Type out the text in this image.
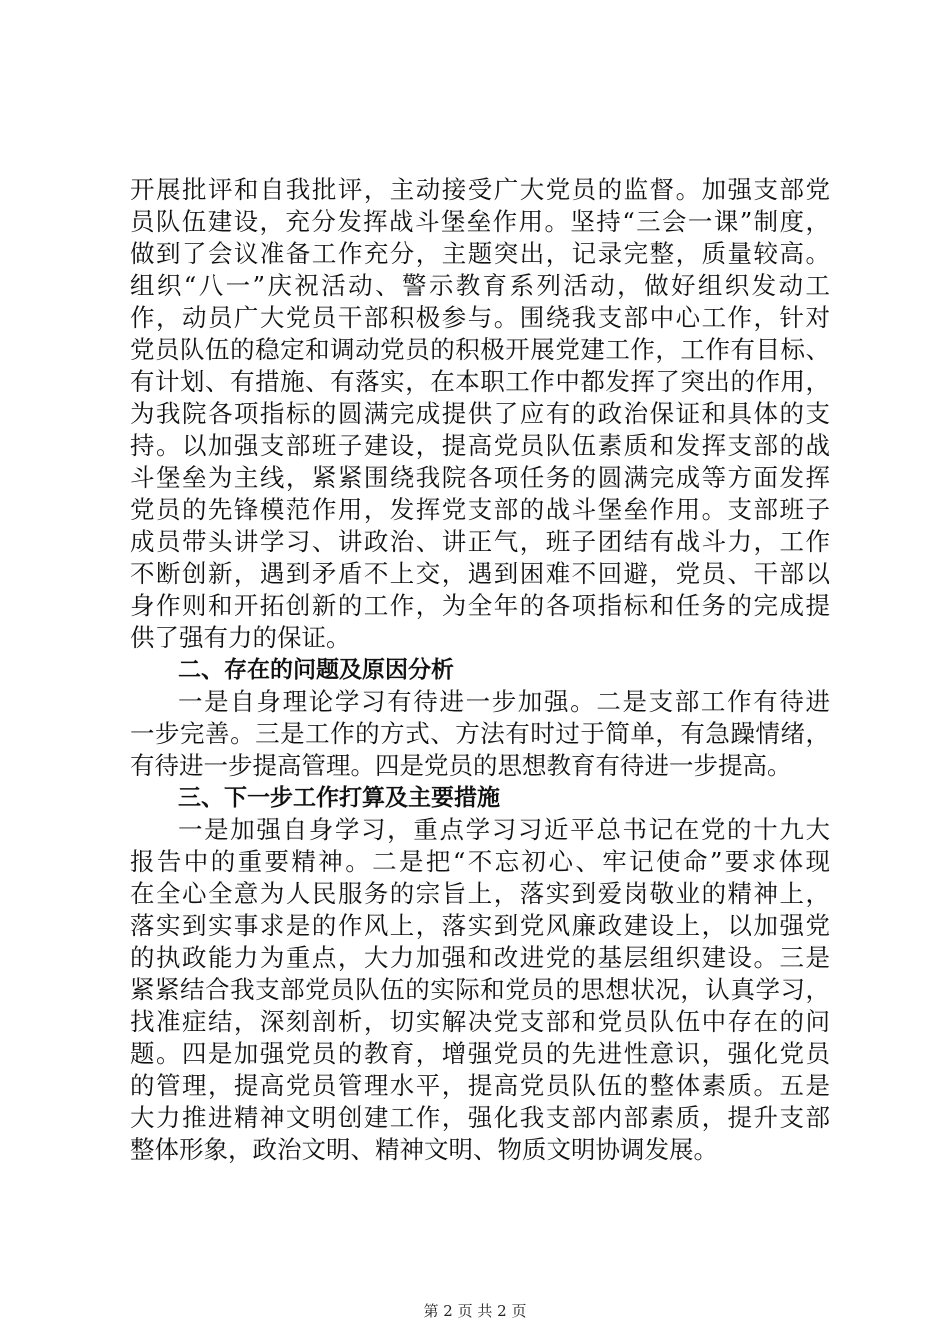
开展批评和自我批评，主动接受广大党员的监督。加强支部党
员队伍建设，充分发挥战斗堡垒作用。坚持“三会一课”制度，
做到了会议准备工作充分，主题突出，记录完整，质量较高。
组织“八一”庆祝活动、警示教育系列活动，做好组织发动工
作，动员广大党员干部积极参与。围绕我支部中心工作，针对
党员队伍的稳定和调动党员的积极开展党建工作，工作有目标、
有计划、有措施、有落实，在本职工作中都发挥了突出的作用，
为我院各项指标的圆满完成提供了应有的政治保证和具体的支
持。以加强支部班子建设，提高党员队伍素质和发挥支部的战
斗堡垒为主线，紧紧围绕我院各项任务的圆满完成等方面发挥
党员的先锋模范作用，发挥党支部的战斗堡垒作用。支部班子
成员带头讲学习、讲政治、讲正气，班子团结有战斗力，工作
不断创新，遇到矛盾不上交，遇到困难不回避，党员、干部以
身作则和开拓创新的工作，为全年的各项指标和任务的完成提
供了强有力的保证。
二、存在的问题及原因分析
一是自身理论学习有待进一步加强。二是支部工作有待进
一步完善。三是工作的方式、方法有时过于简单，有急躁情绪，
有待进一步提高管理。四是党员的思想教育有待进一步提高。
三、下一步工作打算及主要措施
一是加强自身学习，重点学习习近平总书记在党的十九大
报告中的重要精神。二是把“不忘初心、牢记使命”要求体现
在全心全意为人民服务的宗旨上，落实到爱岗敬业的精神上，
落实到实事求是的作风上，落实到党风廉政建设上，以加强党
的执政能力为重点，大力加强和改进党的基层组织建设。三是
紧紧结合我支部党员队伍的实际和党员的思想状况，认真学习，
找准症结，深刻剖析，切实解决党支部和党员队伍中存在的问
题。四是加强党员的教育，增强党员的先进性意识，强化党员
的管理，提高党员管理水平，提高党员队伍的整体素质。五是
大力推进精神文明创建工作，强化我支部内部素质，提升支部
整体形象，政治文明、精神文明、物质文明协调发展。
第 2 页 共 2 页
